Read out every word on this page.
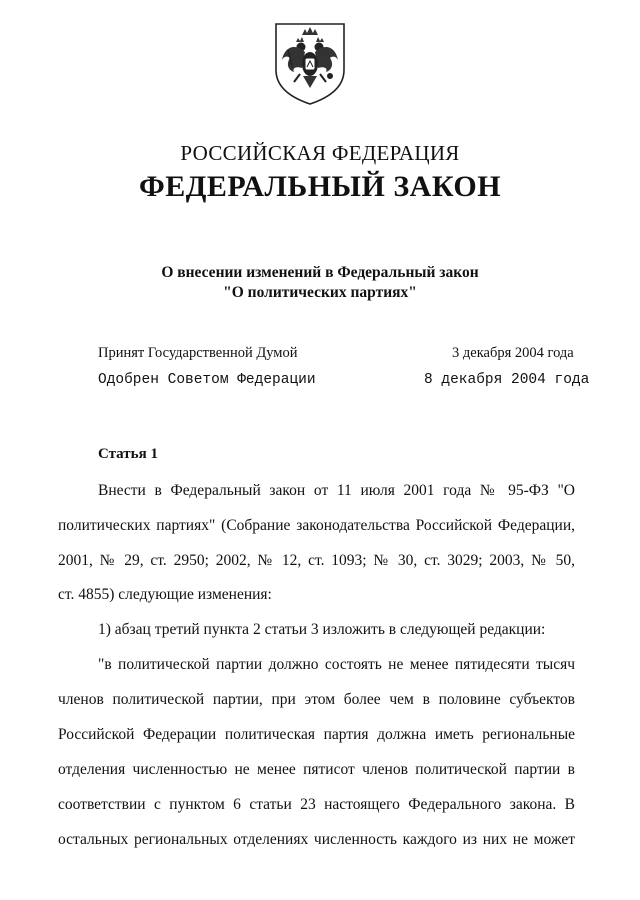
РОССИЙСКАЯ ФЕДЕРАЦИЯ
ФЕДЕРАЛЬНЫЙ ЗАКОН
О внесении изменений в Федеральный закон
"О политических партиях"
Принят Государственной Думой	3 декабря 2004 года
Одобрен Советом Федерации	8 декабря 2004 года
Статья 1
Внести в Федеральный закон от 11 июля 2001 года № 95-ФЗ "О
политических партиях" (Собрание законодательства Российской Федерации,
2001, № 29, ст. 2950; 2002, № 12, ст. 1093; № 30, ст. 3029; 2003, № 50,
ст. 4855) следующие изменения:
1) абзац третий пункта 2 статьи 3 изложить в следующей редакции:
"в политической партии должно состоять не менее пятидесяти тысяч
членов политической партии, при этом более чем в половине субъектов
Российской Федерации политическая партия должна иметь региональные
отделения численностью не менее пятисот членов политической партии в
соответствии с пунктом 6 статьи 23 настоящего Федерального закона. В
остальных региональных отделениях численность каждого из них не может
